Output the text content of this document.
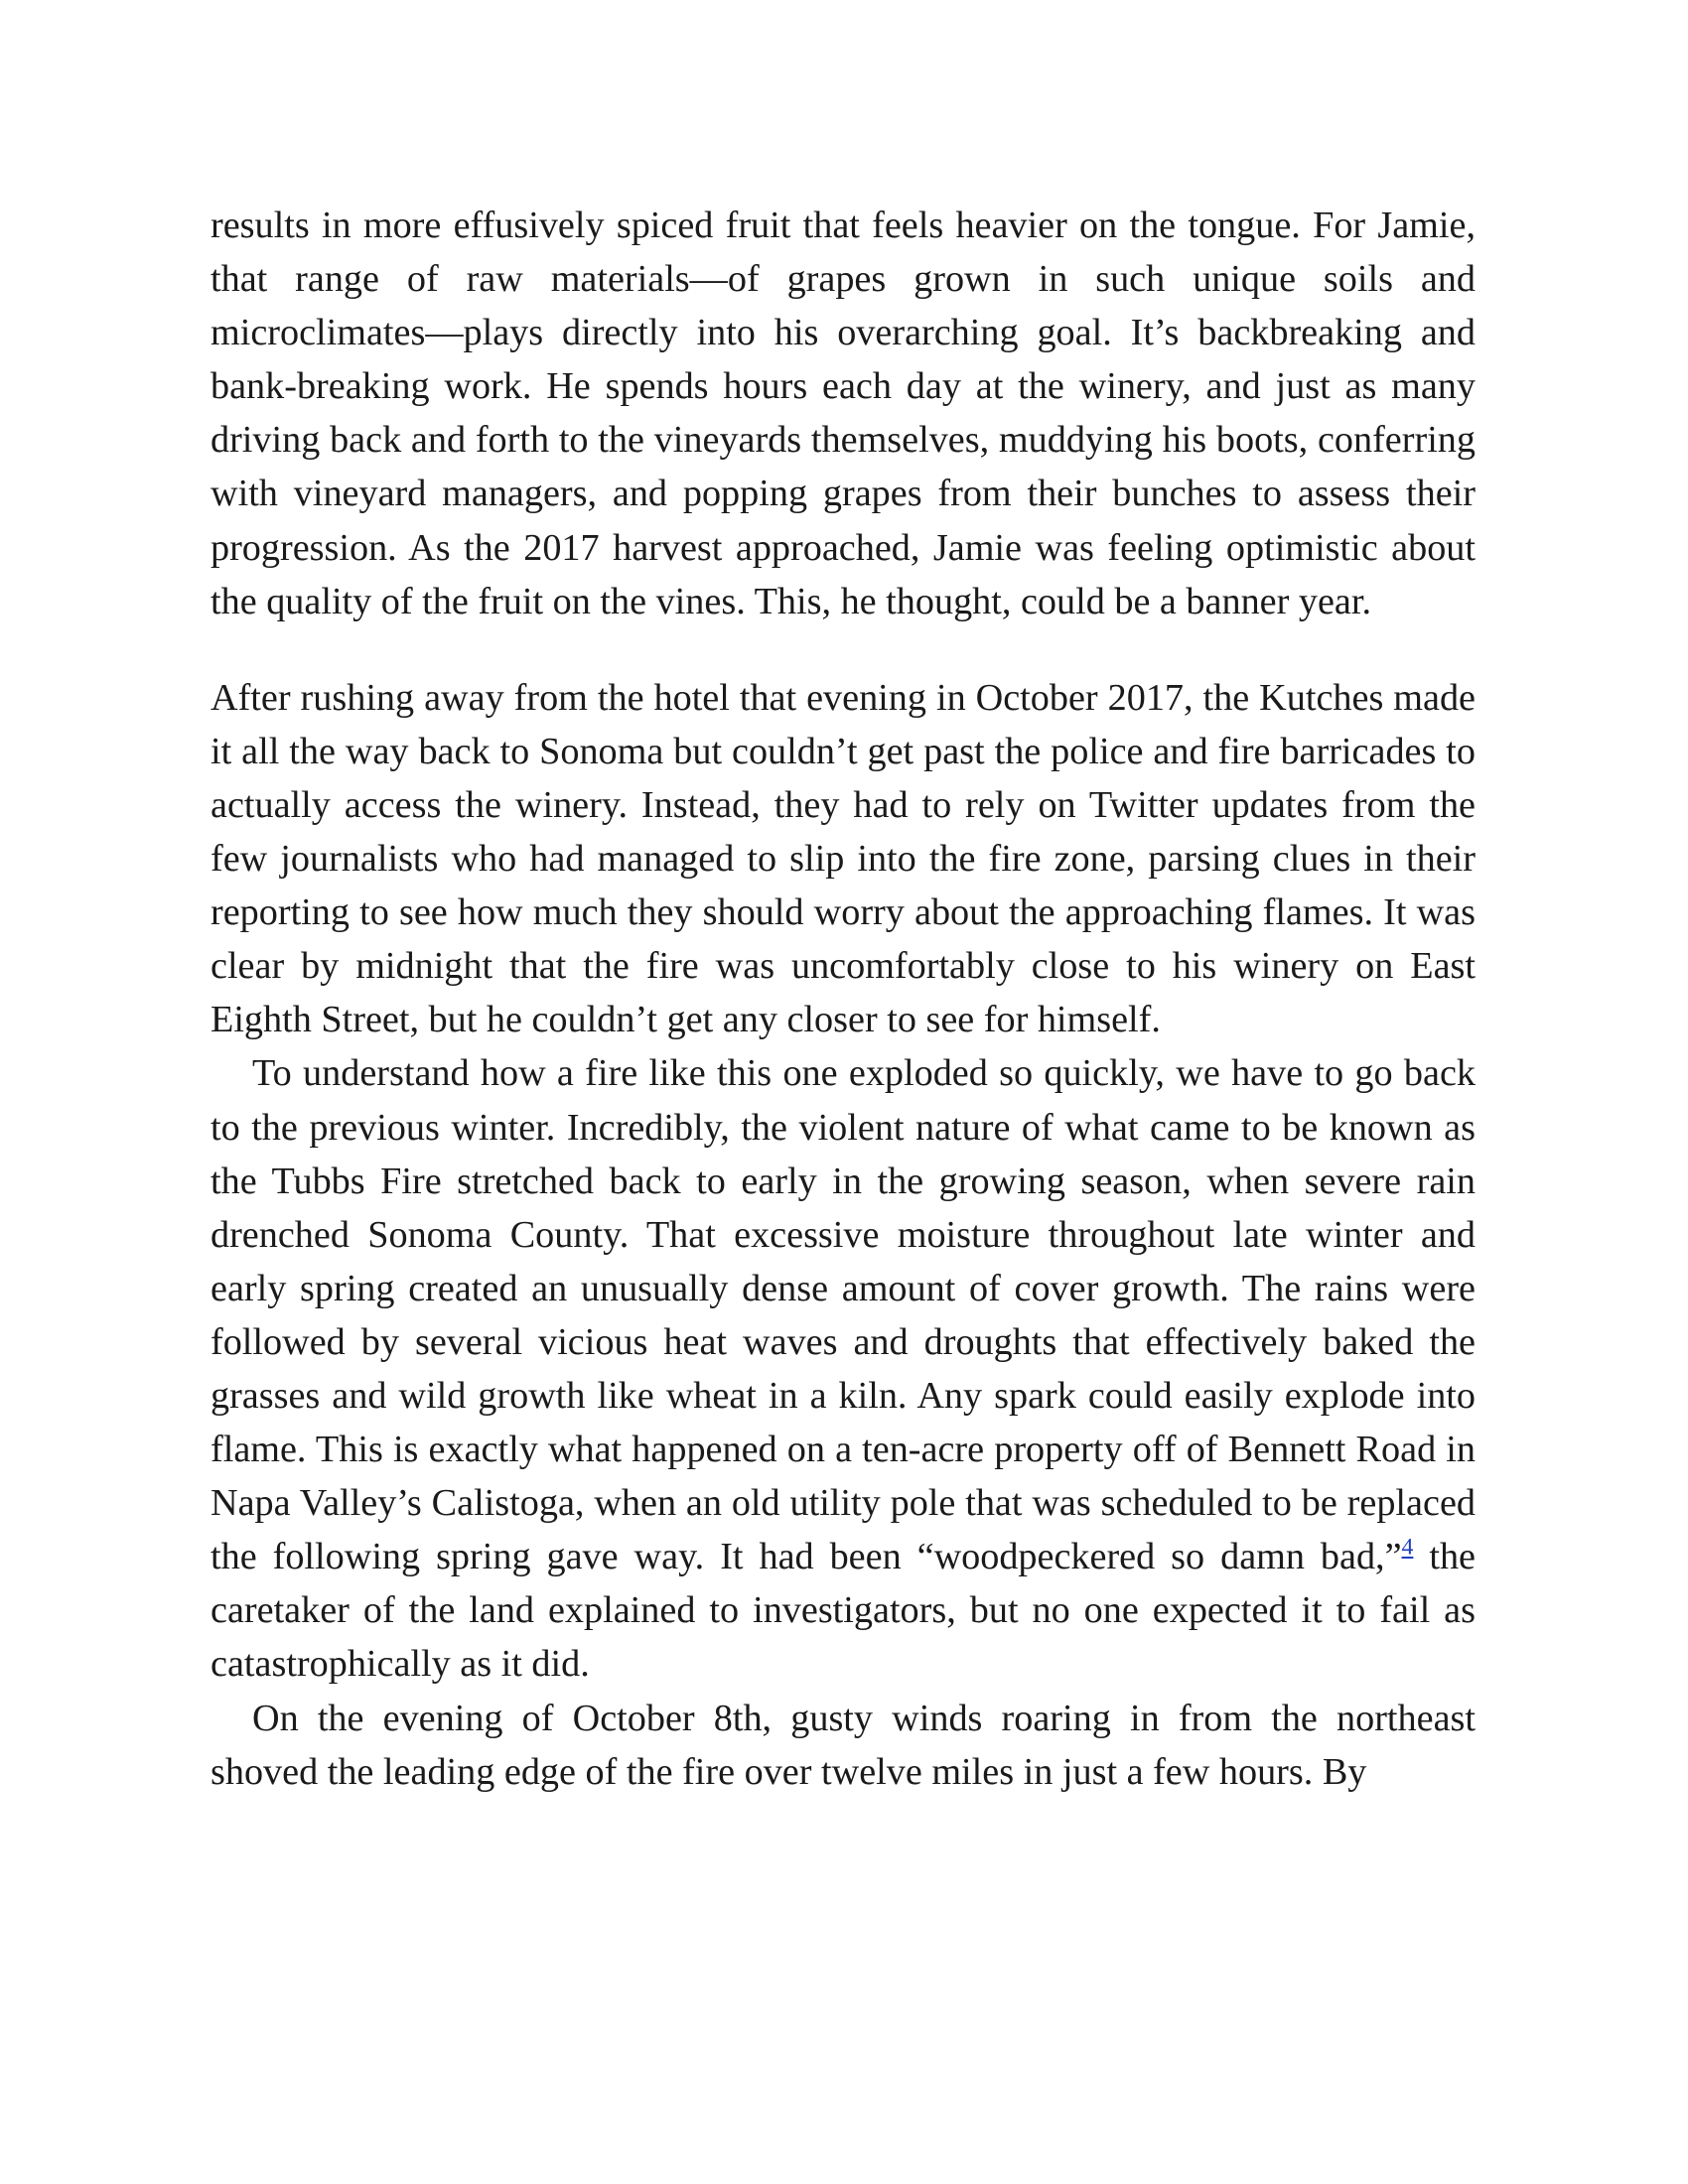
results in more effusively spiced fruit that feels heavier on the tongue. For Jamie, that range of raw materials—of grapes grown in such unique soils and microclimates—plays directly into his overarching goal. It’s backbreaking and bank-breaking work. He spends hours each day at the winery, and just as many driving back and forth to the vineyards themselves, muddying his boots, conferring with vineyard managers, and popping grapes from their bunches to assess their progression. As the 2017 harvest approached, Jamie was feeling optimistic about the quality of the fruit on the vines. This, he thought, could be a banner year.

After rushing away from the hotel that evening in October 2017, the Kutches made it all the way back to Sonoma but couldn’t get past the police and fire barricades to actually access the winery. Instead, they had to rely on Twitter updates from the few journalists who had managed to slip into the fire zone, parsing clues in their reporting to see how much they should worry about the approaching flames. It was clear by midnight that the fire was uncomfortably close to his winery on East Eighth Street, but he couldn’t get any closer to see for himself.

To understand how a fire like this one exploded so quickly, we have to go back to the previous winter. Incredibly, the violent nature of what came to be known as the Tubbs Fire stretched back to early in the growing season, when severe rain drenched Sonoma County. That excessive moisture throughout late winter and early spring created an unusually dense amount of cover growth. The rains were followed by several vicious heat waves and droughts that effectively baked the grasses and wild growth like wheat in a kiln. Any spark could easily explode into flame. This is exactly what happened on a ten-acre property off of Bennett Road in Napa Valley’s Calistoga, when an old utility pole that was scheduled to be replaced the following spring gave way. It had been “woodpeckered so damn bad,”$^4$ the caretaker of the land explained to investigators, but no one expected it to fail as catastrophically as it did.

On the evening of October 8th, gusty winds roaring in from the northeast shoved the leading edge of the fire over twelve miles in just a few hours. By
